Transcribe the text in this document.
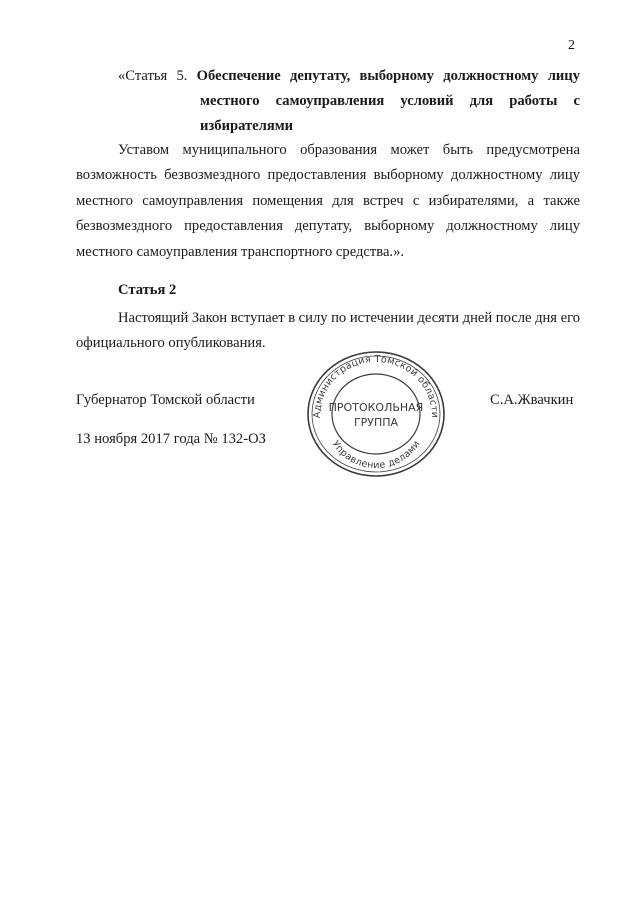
2
«Статья 5. Обеспечение депутату, выборному должностному лицу
местного самоуправления условий для работы с
избирателями
Уставом муниципального образования может быть предусмотрена
возможность безвозмездного предоставления выборному должностному лицу
местного самоуправления помещения для встреч с избирателями, а также
безвозмездного предоставления депутату, выборному должностному лицу
местного самоуправления транспортного средства.».
Статья 2
Настоящий Закон вступает в силу по истечении десяти дней после дня его
официального опубликования.
Администрация Томской области
Управление делами
ПРОТОКОЛЬНАЯ
ГРУППА
Губернатор Томской области	С.А.Жвачкин
13 ноября 2017 года № 132-ОЗ
